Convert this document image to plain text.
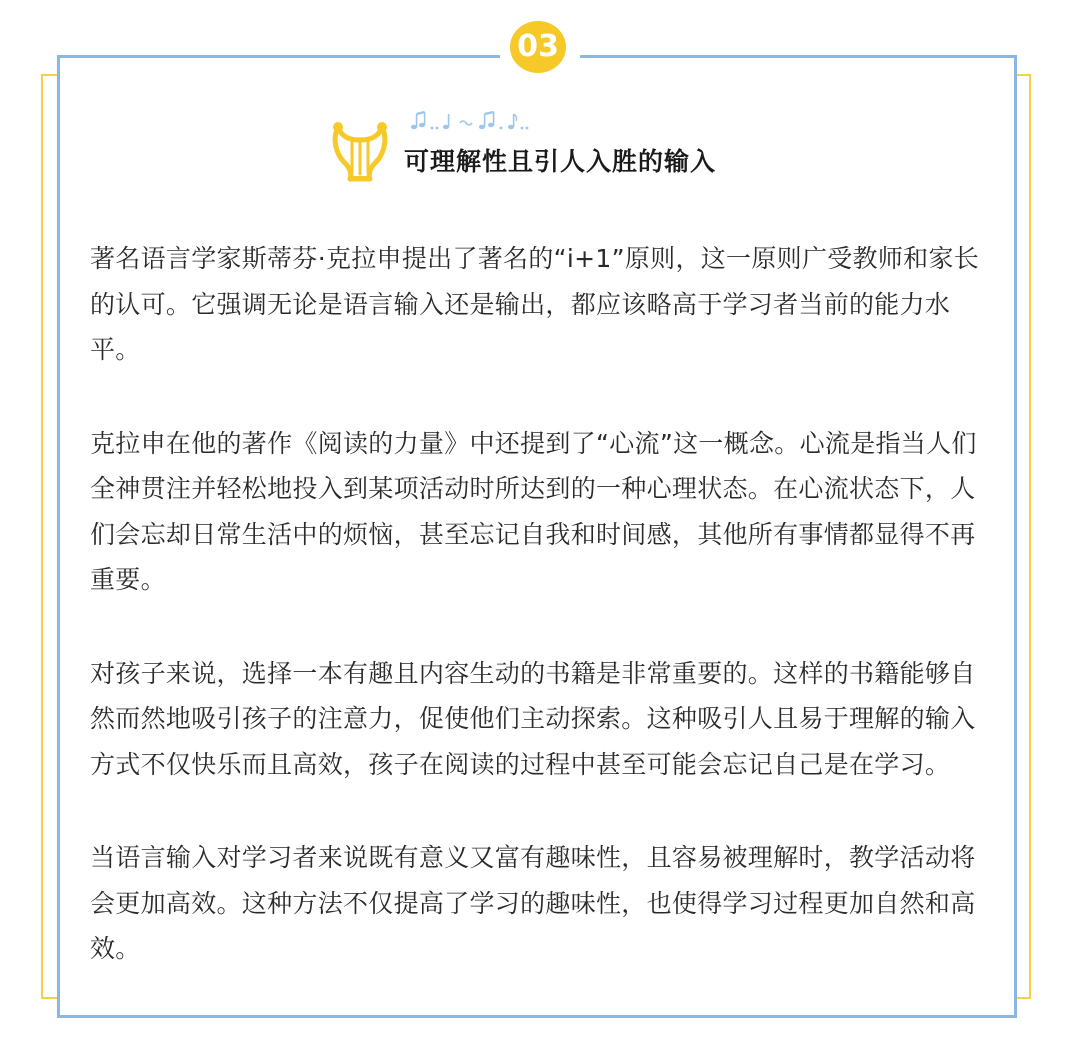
03
可理解性且引人入胜的输入

著名语言学家斯蒂芬·克拉申提出了著名的“i+1”原则，这一原则广受教师和家长的认可。它强调无论是语言输入还是输出，都应该略高于学习者当前的能力水平。

克拉申在他的著作《阅读的力量》中还提到了“心流”这一概念。心流是指当人们全神贯注并轻松地投入到某项活动时所达到的一种心理状态。在心流状态下，人们会忘却日常生活中的烦恼，甚至忘记自我和时间感，其他所有事情都显得不再重要。

对孩子来说，选择一本有趣且内容生动的书籍是非常重要的。这样的书籍能够自然而然地吸引孩子的注意力，促使他们主动探索。这种吸引人且易于理解的输入方式不仅快乐而且高效，孩子在阅读的过程中甚至可能会忘记自己是在学习。

当语言输入对学习者来说既有意义又富有趣味性，且容易被理解时，教学活动将会更加高效。这种方法不仅提高了学习的趣味性，也使得学习过程更加自然和高效。
